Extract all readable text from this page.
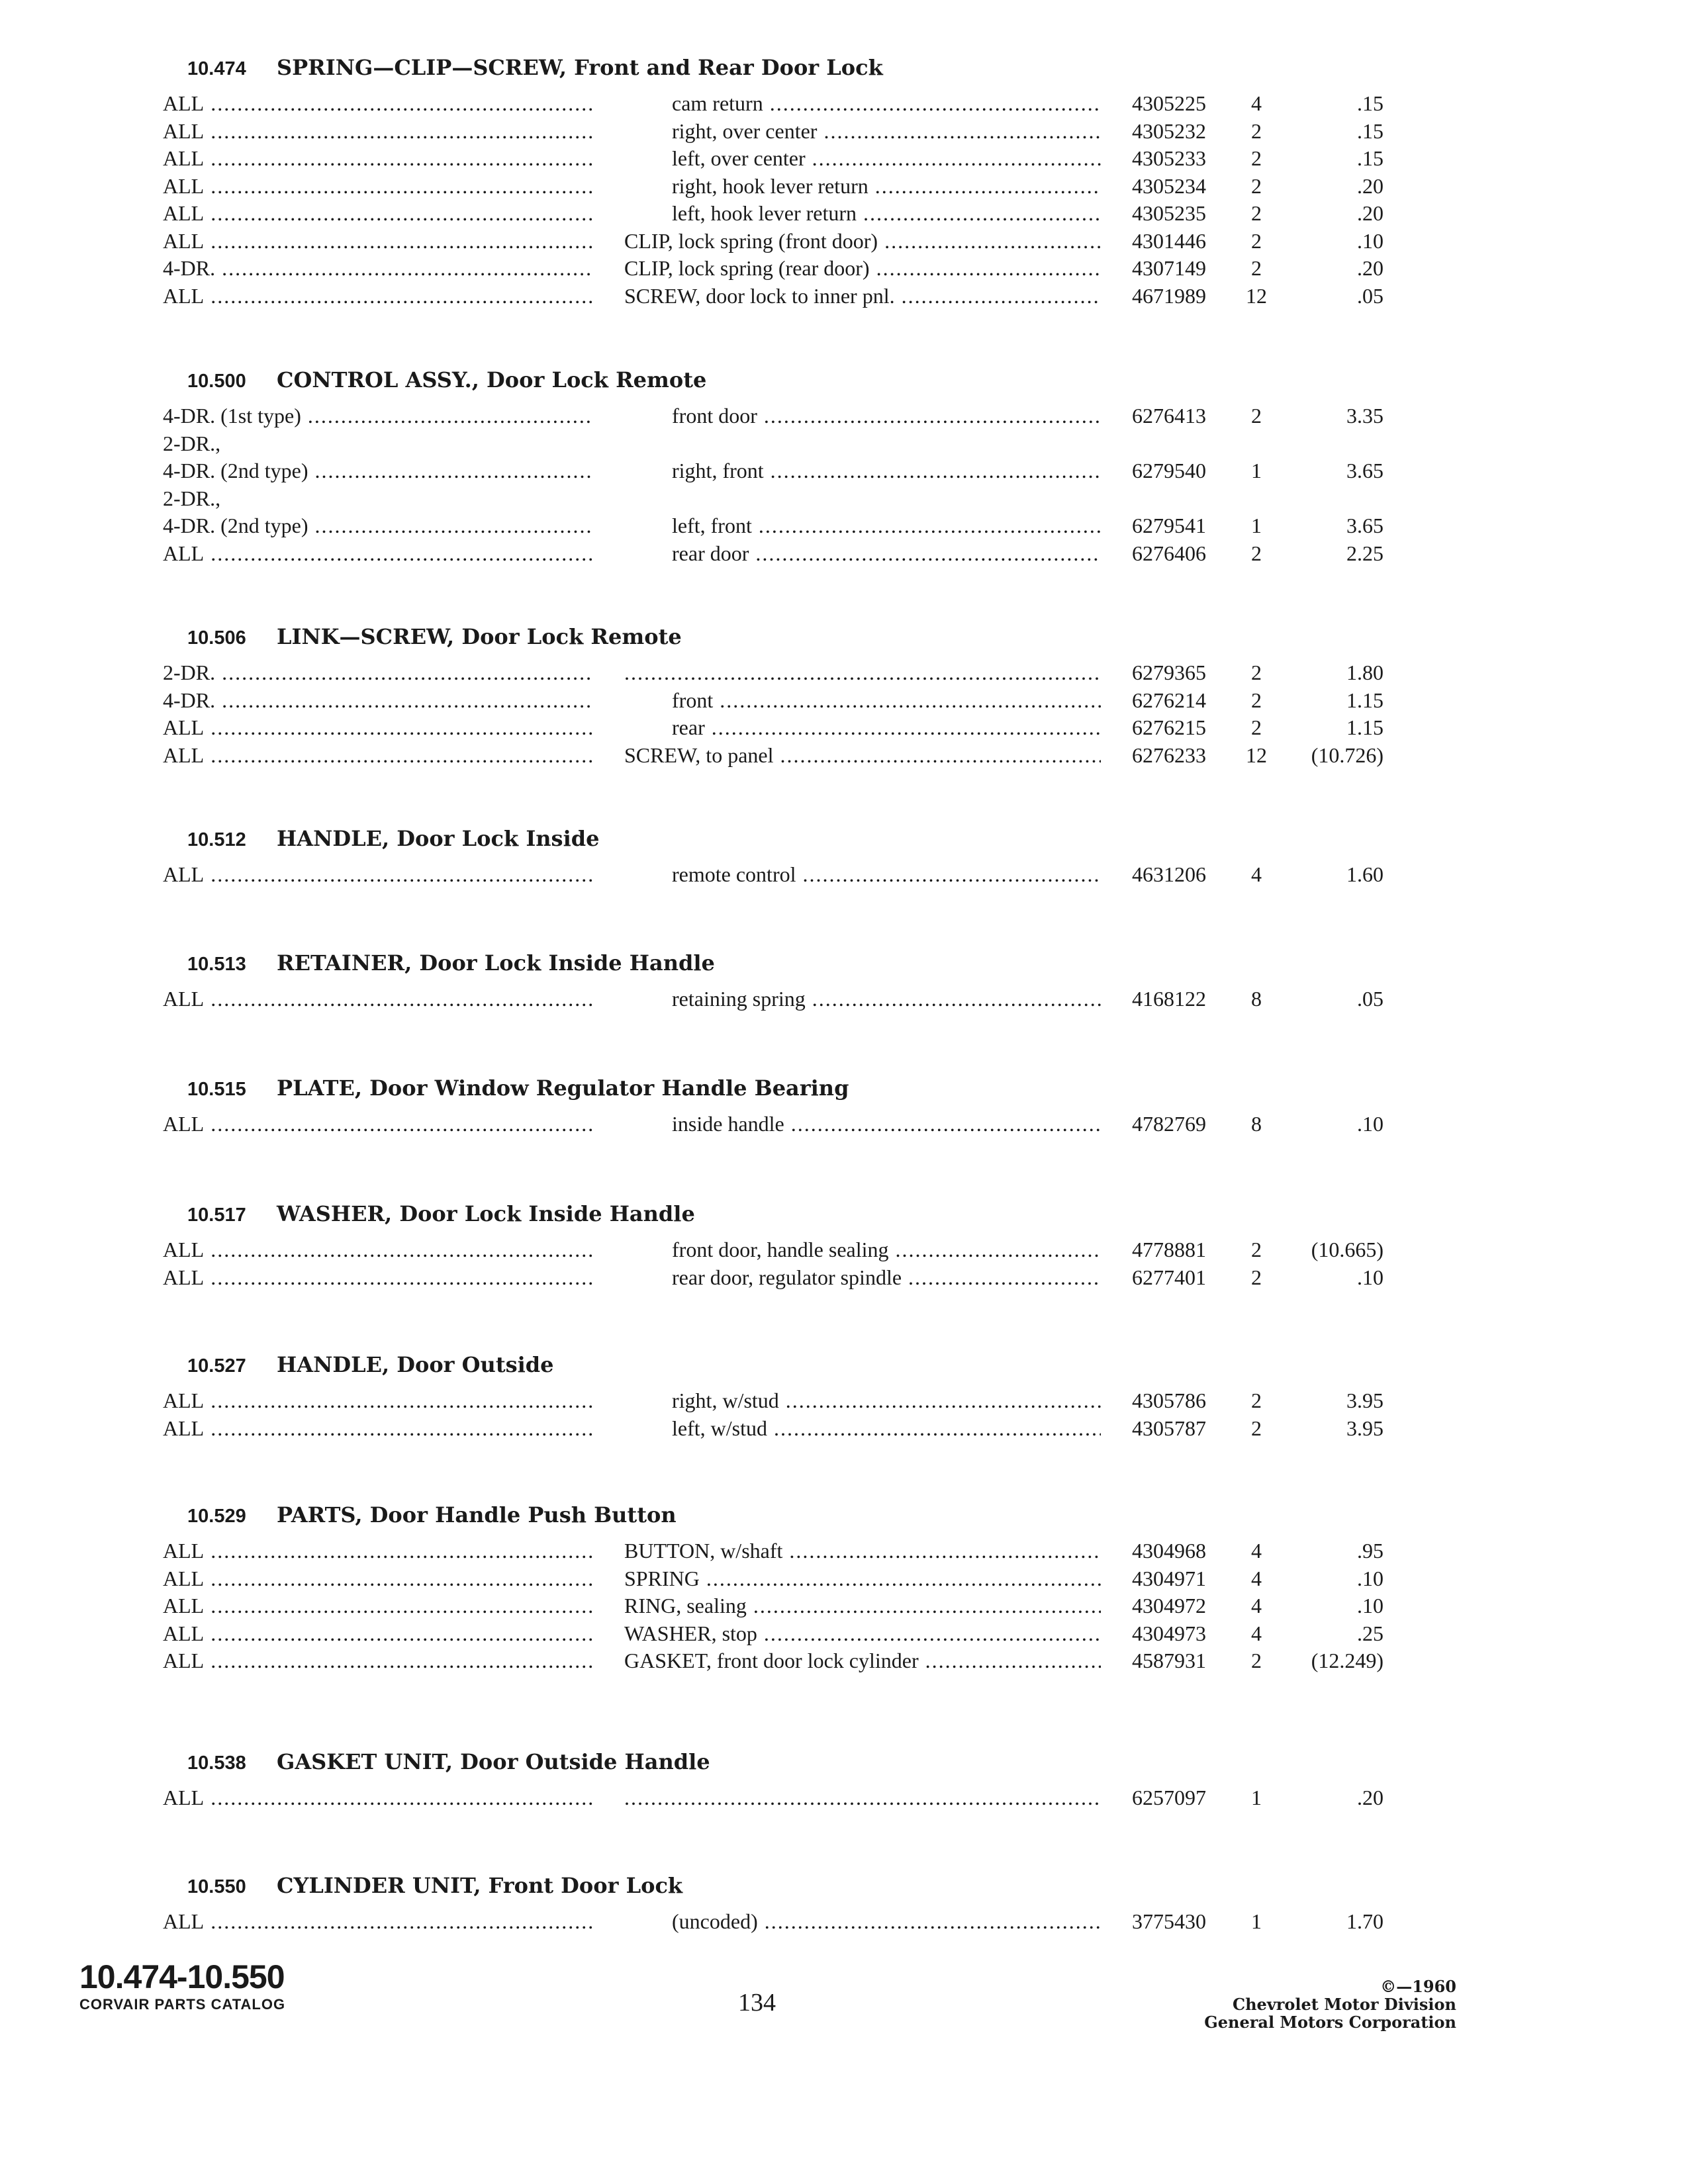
10.474 SPRING—CLIP—SCREW, Front and Rear Door Lock
ALL .....	cam return .....	4305225	4	.15
ALL .....	right, over center .....	4305232	2	.15
ALL .....	left, over center .....	4305233	2	.15
ALL .....	right, hook lever return .....	4305234	2	.20
ALL .....	left, hook lever return .....	4305235	2	.20
ALL .....	CLIP, lock spring (front door) .....	4301446	2	.10
4-DR. .....	CLIP, lock spring (rear door) .....	4307149	2	.20
ALL .....	SCREW, door lock to inner pnl. .....	4671989	12	.05
10.500 CONTROL ASSY., Door Lock Remote
4-DR. (1st type) .....	front door .....	6276413	2	3.35
2-DR.,
4-DR. (2nd type) .....	right, front .....	6279540	1	3.65
2-DR.,
4-DR. (2nd type) .....	left, front .....	6279541	1	3.65
ALL .....	rear door .....	6276406	2	2.25
10.506 LINK—SCREW, Door Lock Remote
2-DR. ..... .....	6279365	2	1.80
4-DR. .....	front .....	6276214	2	1.15
ALL .....	rear .....	6276215	2	1.15
ALL .....	SCREW, to panel .....	6276233	12	(10.726)
10.512 HANDLE, Door Lock Inside
ALL .....	remote control .....	4631206	4	1.60
10.513 RETAINER, Door Lock Inside Handle
ALL .....	retaining spring .....	4168122	8	.05
10.515 PLATE, Door Window Regulator Handle Bearing
ALL .....	inside handle .....	4782769	8	.10
10.517 WASHER, Door Lock Inside Handle
ALL .....	front door, handle sealing .....	4778881	2	(10.665)
ALL .....	rear door, regulator spindle .....	6277401	2	.10
10.527 HANDLE, Door Outside
ALL .....	right, w/stud .....	4305786	2	3.95
ALL .....	left, w/stud .....	4305787	2	3.95
10.529 PARTS, Door Handle Push Button
ALL .....	BUTTON, w/shaft .....	4304968	4	.95
ALL .....	SPRING .....	4304971	4	.10
ALL .....	RING, sealing .....	4304972	4	.10
ALL .....	WASHER, stop .....	4304973	4	.25
ALL .....	GASKET, front door lock cylinder .....	4587931	2	(12.249)
10.538 GASKET UNIT, Door Outside Handle
ALL ..... .....	6257097	1	.20
10.550 CYLINDER UNIT, Front Door Lock
ALL .....	(uncoded) .....	3775430	1	1.70
10.474-10.550
CORVAIR PARTS CATALOG	134
©—1960
Chevrolet Motor Division
General Motors Corporation
